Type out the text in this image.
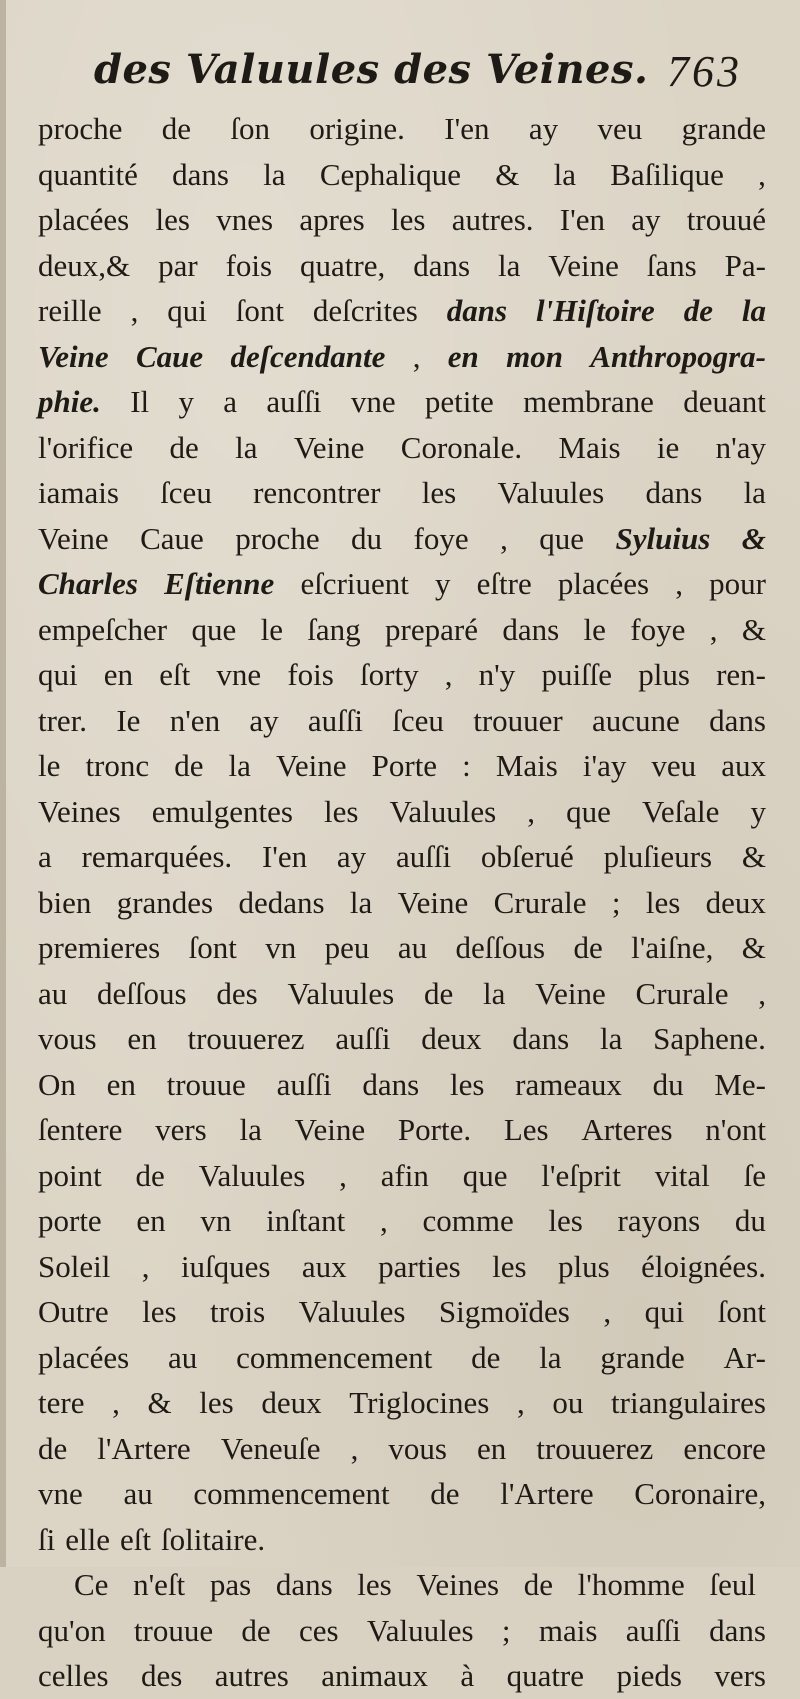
des Valuules des Veines. 763
proche de ſon origine. I'en ay veu grande
quantité dans la Cephalique & la Baſilique ,
placées les vnes apres les autres. I'en ay trouué
deux,& par fois quatre, dans la Veine ſans Pa-
reille , qui ſont deſcrites dans l'Hiſtoire de la
Veine Caue deſcendante , en mon Anthropogra-
phie. Il y a auſſi vne petite membrane deuant
l'orifice de la Veine Coronale. Mais ie n'ay
iamais ſceu rencontrer les Valuules dans la
Veine Caue proche du foye , que Syluius &
Charles Eſtienne eſcriuent y eſtre placées , pour
empeſcher que le ſang preparé dans le foye , &
qui en eſt vne fois ſorty , n'y puiſſe plus ren-
trer. Ie n'en ay auſſi ſceu trouuer aucune dans
le tronc de la Veine Porte : Mais i'ay veu aux
Veines emulgentes les Valuules , que Veſale y
a remarquées. I'en ay auſſi obſerué pluſieurs &
bien grandes dedans la Veine Crurale ; les deux
premieres ſont vn peu au deſſous de l'aiſne, &
au deſſous des Valuules de la Veine Crurale ,
vous en trouuerez auſſi deux dans la Saphene.
On en trouue auſſi dans les rameaux du Me-
ſentere vers la Veine Porte. Les Arteres n'ont
point de Valuules , afin que l'eſprit vital ſe
porte en vn inſtant , comme les rayons du
Soleil , iuſques aux parties les plus éloignées.
Outre les trois Valuules Sigmoïdes , qui ſont
placées au commencement de la grande Ar-
tere , & les deux Triglocines , ou triangulaires
de l'Artere Veneuſe , vous en trouuerez encore
vne au commencement de l'Artere Coronaire,
ſi elle eſt ſolitaire.
Ce n'eſt pas dans les Veines de l'homme ſeul
qu'on trouue de ces Valuules ; mais auſſi dans
celles des autres animaux à quatre pieds vers
